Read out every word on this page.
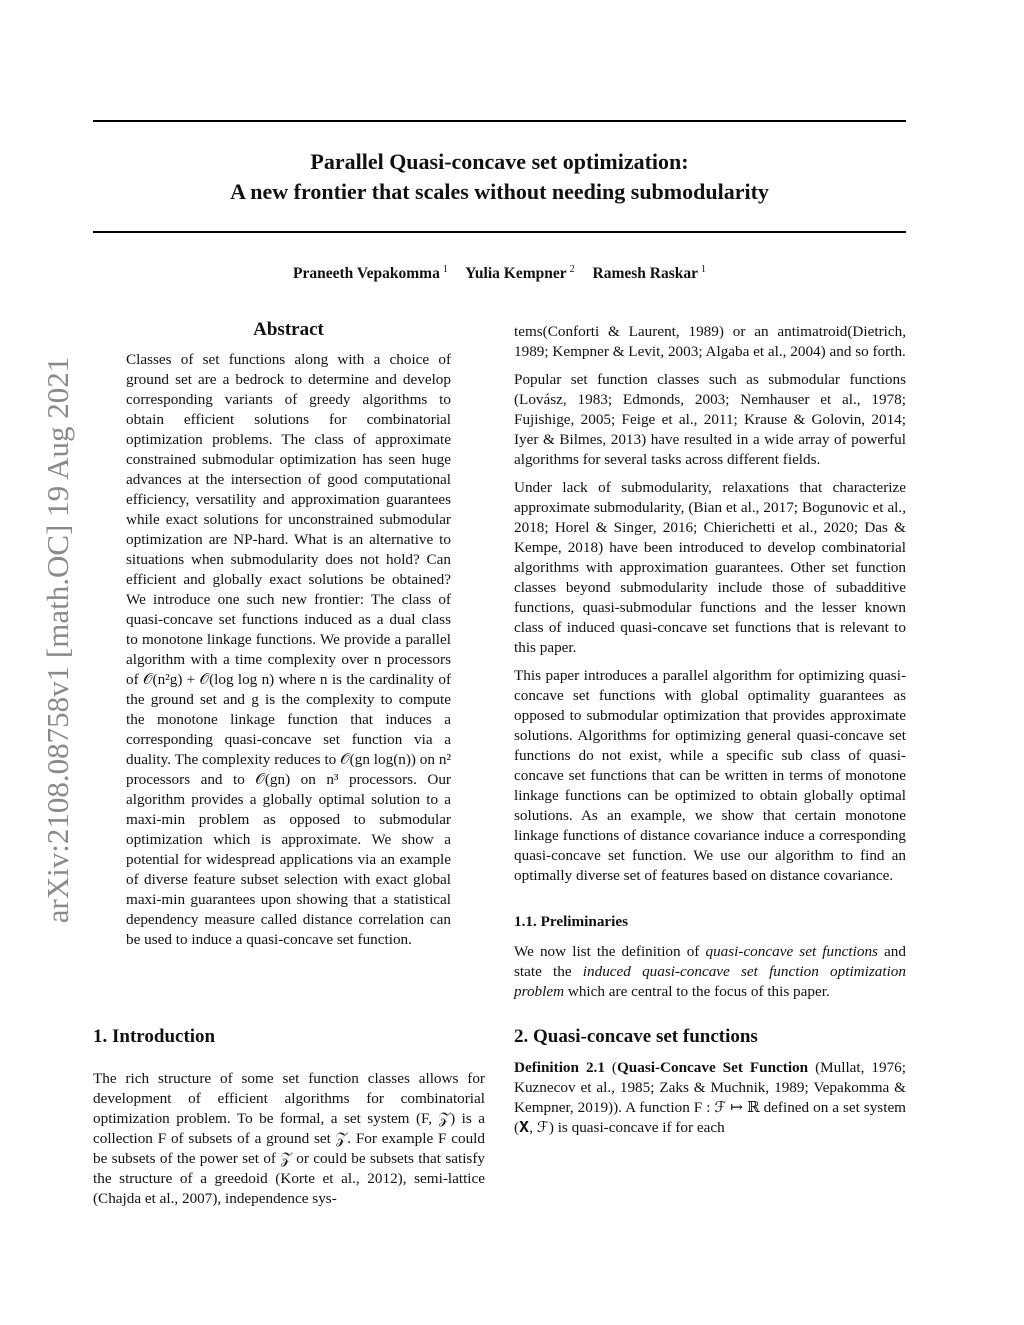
Parallel Quasi-concave set optimization:
A new frontier that scales without needing submodularity
Praneeth Vepakomma $^1$ Yulia Kempner $^2$ Ramesh Raskar $^1$
arXiv:2108.08758v1 [math.OC] 19 Aug 2021
Abstract

Classes of set functions along with a choice of ground set are a bedrock to determine and develop corresponding variants of greedy algorithms to obtain efficient solutions for combinatorial optimization problems. The class of approximate constrained submodular optimization has seen huge advances at the intersection of good computational efficiency, versatility and approximation guarantees while exact solutions for unconstrained submodular optimization are NP-hard. What is an alternative to situations when submodularity does not hold? Can efficient and globally exact solutions be obtained? We introduce one such new frontier: The class of quasi-concave set functions induced as a dual class to monotone linkage functions. We provide a parallel algorithm with a time complexity over n processors of 𝒪(n²g) + 𝒪(log log n) where n is the cardinality of the ground set and g is the complexity to compute the monotone linkage function that induces a corresponding quasi-concave set function via a duality. The complexity reduces to 𝒪(gn log(n)) on n² processors and to 𝒪(gn) on n³ processors. Our algorithm provides a globally optimal solution to a maxi-min problem as opposed to submodular optimization which is approximate. We show a potential for widespread applications via an example of diverse feature subset selection with exact global maxi-min guarantees upon showing that a statistical dependency measure called distance correlation can be used to induce a quasi-concave set function.

1. Introduction

The rich structure of some set function classes allows for development of efficient algorithms for combinatorial optimization problem. To be formal, a set system (F, 𝒵) is a collection F of subsets of a ground set 𝒵. For example F could be subsets of the power set of 𝒵 or could be subsets that satisfy the structure of a greedoid (Korte et al., 2012), semi-lattice (Chajda et al., 2007), independence sys-

tems(Conforti & Laurent, 1989) or an antimatroid(Dietrich, 1989; Kempner & Levit, 2003; Algaba et al., 2004) and so forth.

Popular set function classes such as submodular functions (Lovász, 1983; Edmonds, 2003; Nemhauser et al., 1978; Fujishige, 2005; Feige et al., 2011; Krause & Golovin, 2014; Iyer & Bilmes, 2013) have resulted in a wide array of powerful algorithms for several tasks across different fields.

Under lack of submodularity, relaxations that characterize approximate submodularity, (Bian et al., 2017; Bogunovic et al., 2018; Horel & Singer, 2016; Chierichetti et al., 2020; Das & Kempe, 2018) have been introduced to develop combinatorial algorithms with approximation guarantees. Other set function classes beyond submodularity include those of subadditive functions, quasi-submodular functions and the lesser known class of induced quasi-concave set functions that is relevant to this paper.

This paper introduces a parallel algorithm for optimizing quasi-concave set functions with global optimality guarantees as opposed to submodular optimization that provides approximate solutions. Algorithms for optimizing general quasi-concave set functions do not exist, while a specific sub class of quasi-concave set functions that can be written in terms of monotone linkage functions can be optimized to obtain globally optimal solutions. As an example, we show that certain monotone linkage functions of distance covariance induce a corresponding quasi-concave set function. We use our algorithm to find an optimally diverse set of features based on distance covariance.

1.1. Preliminaries

We now list the definition of quasi-concave set functions and state the induced quasi-concave set function optimization problem which are central to the focus of this paper.

2. Quasi-concave set functions

Definition 2.1 (Quasi-Concave Set Function (Mullat, 1976; Kuznecov et al., 1985; Zaks & Muchnik, 1989; Vepakomma & Kempner, 2019)). A function F : ℱ ↦ ℝ defined on a set system (𝐗, ℱ) is quasi-concave if for each
